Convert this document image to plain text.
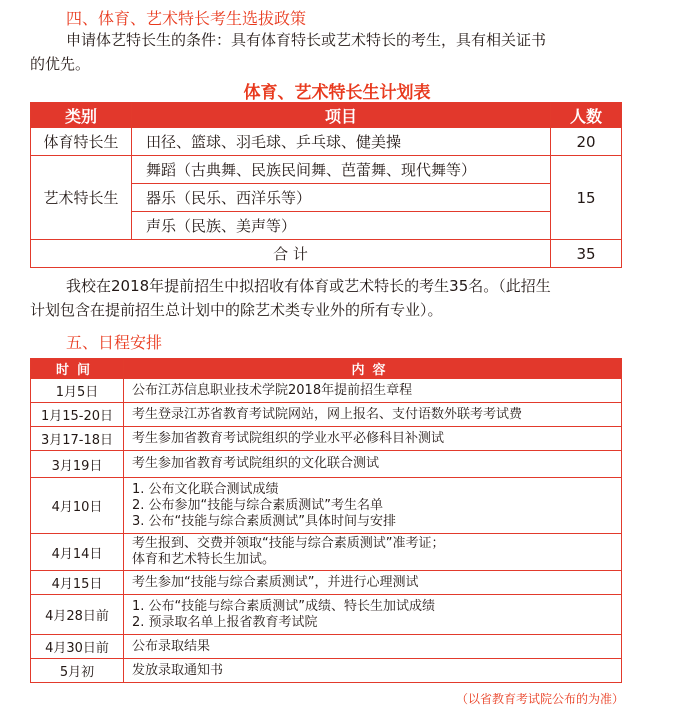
四、体育、艺术特长考生选拔政策
申请体艺特长生的条件：具有体育特长或艺术特长的考生，具有相关证书
的优先。
体育、艺术特长生计划表
类别	项目	人数
体育特长生	田径、篮球、羽毛球、乒乓球、健美操	20
艺术特长生	舞蹈（古典舞、民族民间舞、芭蕾舞、现代舞等）	15
	器乐（民乐、西洋乐等）	
	声乐（民族、美声等）	
合 计		35
我校在2018年提前招生中拟招收有体育或艺术特长的考生35名。（此招生
计划包含在提前招生总计划中的除艺术类专业外的所有专业）。
五、日程安排
时间	内容
1月5日	公布江苏信息职业技术学院2018年提前招生章程

1月15-20日	考生登录江苏省教育考试院网站，网上报名、支付语数外联考考试费

3月17-18日	考生参加省教育考试院组织的学业水平必修科目补测试

3月19日	考生参加省教育考试院组织的文化联合测试

4月10日	1. 公布文化联合测试成绩
2. 公布参加“技能与综合素质测试”考生名单
3. 公布“技能与综合素质测试”具体时间与安排

4月14日	考生报到、交费并领取“技能与综合素质测试”准考证；
体育和艺术特长生加试。

4月15日	考生参加“技能与综合素质测试”，并进行心理测试

4月28日前	1. 公布“技能与综合素质测试”成绩、特长生加试成绩
2. 预录取名单上报省教育考试院

4月30日前	公布录取结果

5月初	发放录取通知书
（以省教育考试院公布的为准）
